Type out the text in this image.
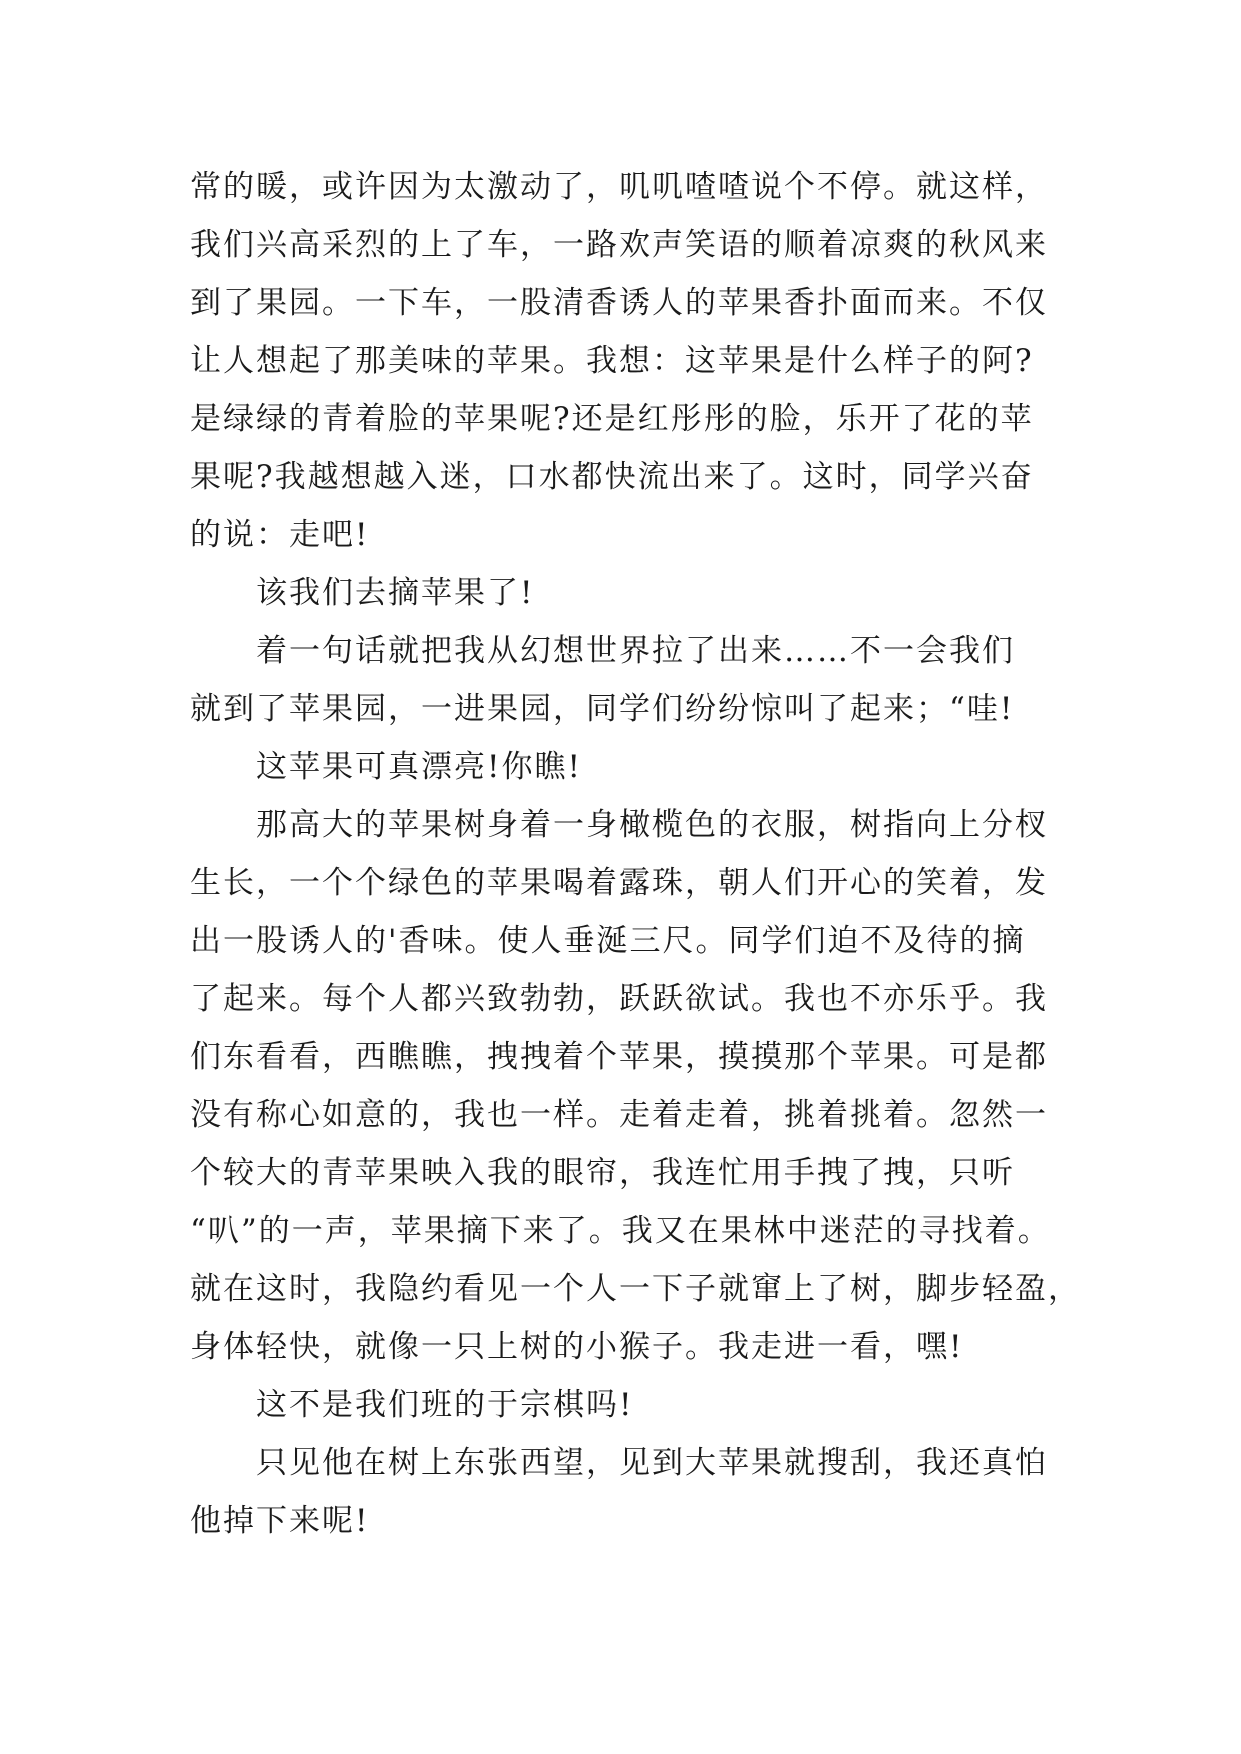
常的暖，或许因为太激动了，叽叽喳喳说个不停。就这样，
我们兴高采烈的上了车，一路欢声笑语的顺着凉爽的秋风来
到了果园。一下车，一股清香诱人的苹果香扑面而来。不仅
让人想起了那美味的苹果。我想：这苹果是什么样子的阿?
是绿绿的青着脸的苹果呢?还是红彤彤的脸，乐开了花的苹
果呢?我越想越入迷，口水都快流出来了。这时，同学兴奋
的说：走吧!
该我们去摘苹果了!
着一句话就把我从幻想世界拉了出来……不一会我们
就到了苹果园，一进果园，同学们纷纷惊叫了起来；“哇!
这苹果可真漂亮!你瞧!
那高大的苹果树身着一身橄榄色的衣服，树指向上分杈
生长，一个个绿色的苹果喝着露珠，朝人们开心的笑着，发
出一股诱人的'香味。使人垂涎三尺。同学们迫不及待的摘
了起来。每个人都兴致勃勃，跃跃欲试。我也不亦乐乎。我
们东看看，西瞧瞧，拽拽着个苹果，摸摸那个苹果。可是都
没有称心如意的，我也一样。走着走着，挑着挑着。忽然一
个较大的青苹果映入我的眼帘，我连忙用手拽了拽，只听
“叭”的一声，苹果摘下来了。我又在果林中迷茫的寻找着。
就在这时，我隐约看见一个人一下子就窜上了树，脚步轻盈，
身体轻快，就像一只上树的小猴子。我走进一看，嘿!
这不是我们班的于宗棋吗!
只见他在树上东张西望，见到大苹果就搜刮，我还真怕
他掉下来呢!
